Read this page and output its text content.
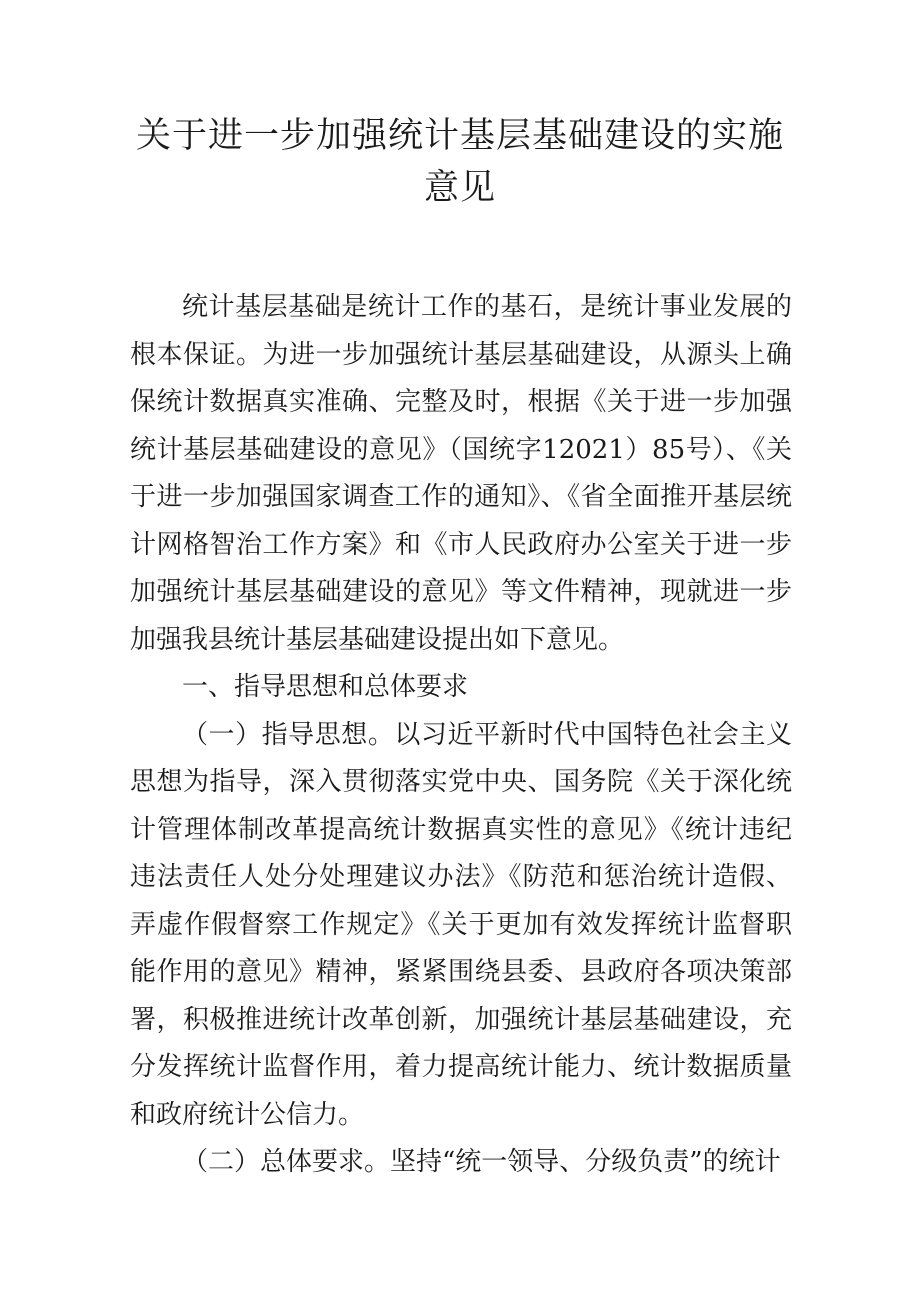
关于进一步加强统计基层基础建设的实施
意见

统计基层基础是统计工作的基石，是统计事业发展的根本保证。为进一步加强统计基层基础建设，从源头上确保统计数据真实准确、完整及时，根据《关于进一步加强统计基层基础建设的意见》（国统字12021）85号）、《关于进一步加强国家调查工作的通知》、《省全面推开基层统计网格智治工作方案》和《市人民政府办公室关于进一步加强统计基层基础建设的意见》等文件精神，现就进一步加强我县统计基层基础建设提出如下意见。

一、指导思想和总体要求

（一）指导思想。以习近平新时代中国特色社会主义思想为指导，深入贯彻落实党中央、国务院《关于深化统计管理体制改革提高统计数据真实性的意见》《统计违纪违法责任人处分处理建议办法》《防范和惩治统计造假、弄虚作假督察工作规定》《关于更加有效发挥统计监督职能作用的意见》精神，紧紧围绕县委、县政府各项决策部署，积极推进统计改革创新，加强统计基层基础建设，充分发挥统计监督作用，着力提高统计能力、统计数据质量和政府统计公信力。

（二）总体要求。坚持“统一领导、分级负责”的统计
